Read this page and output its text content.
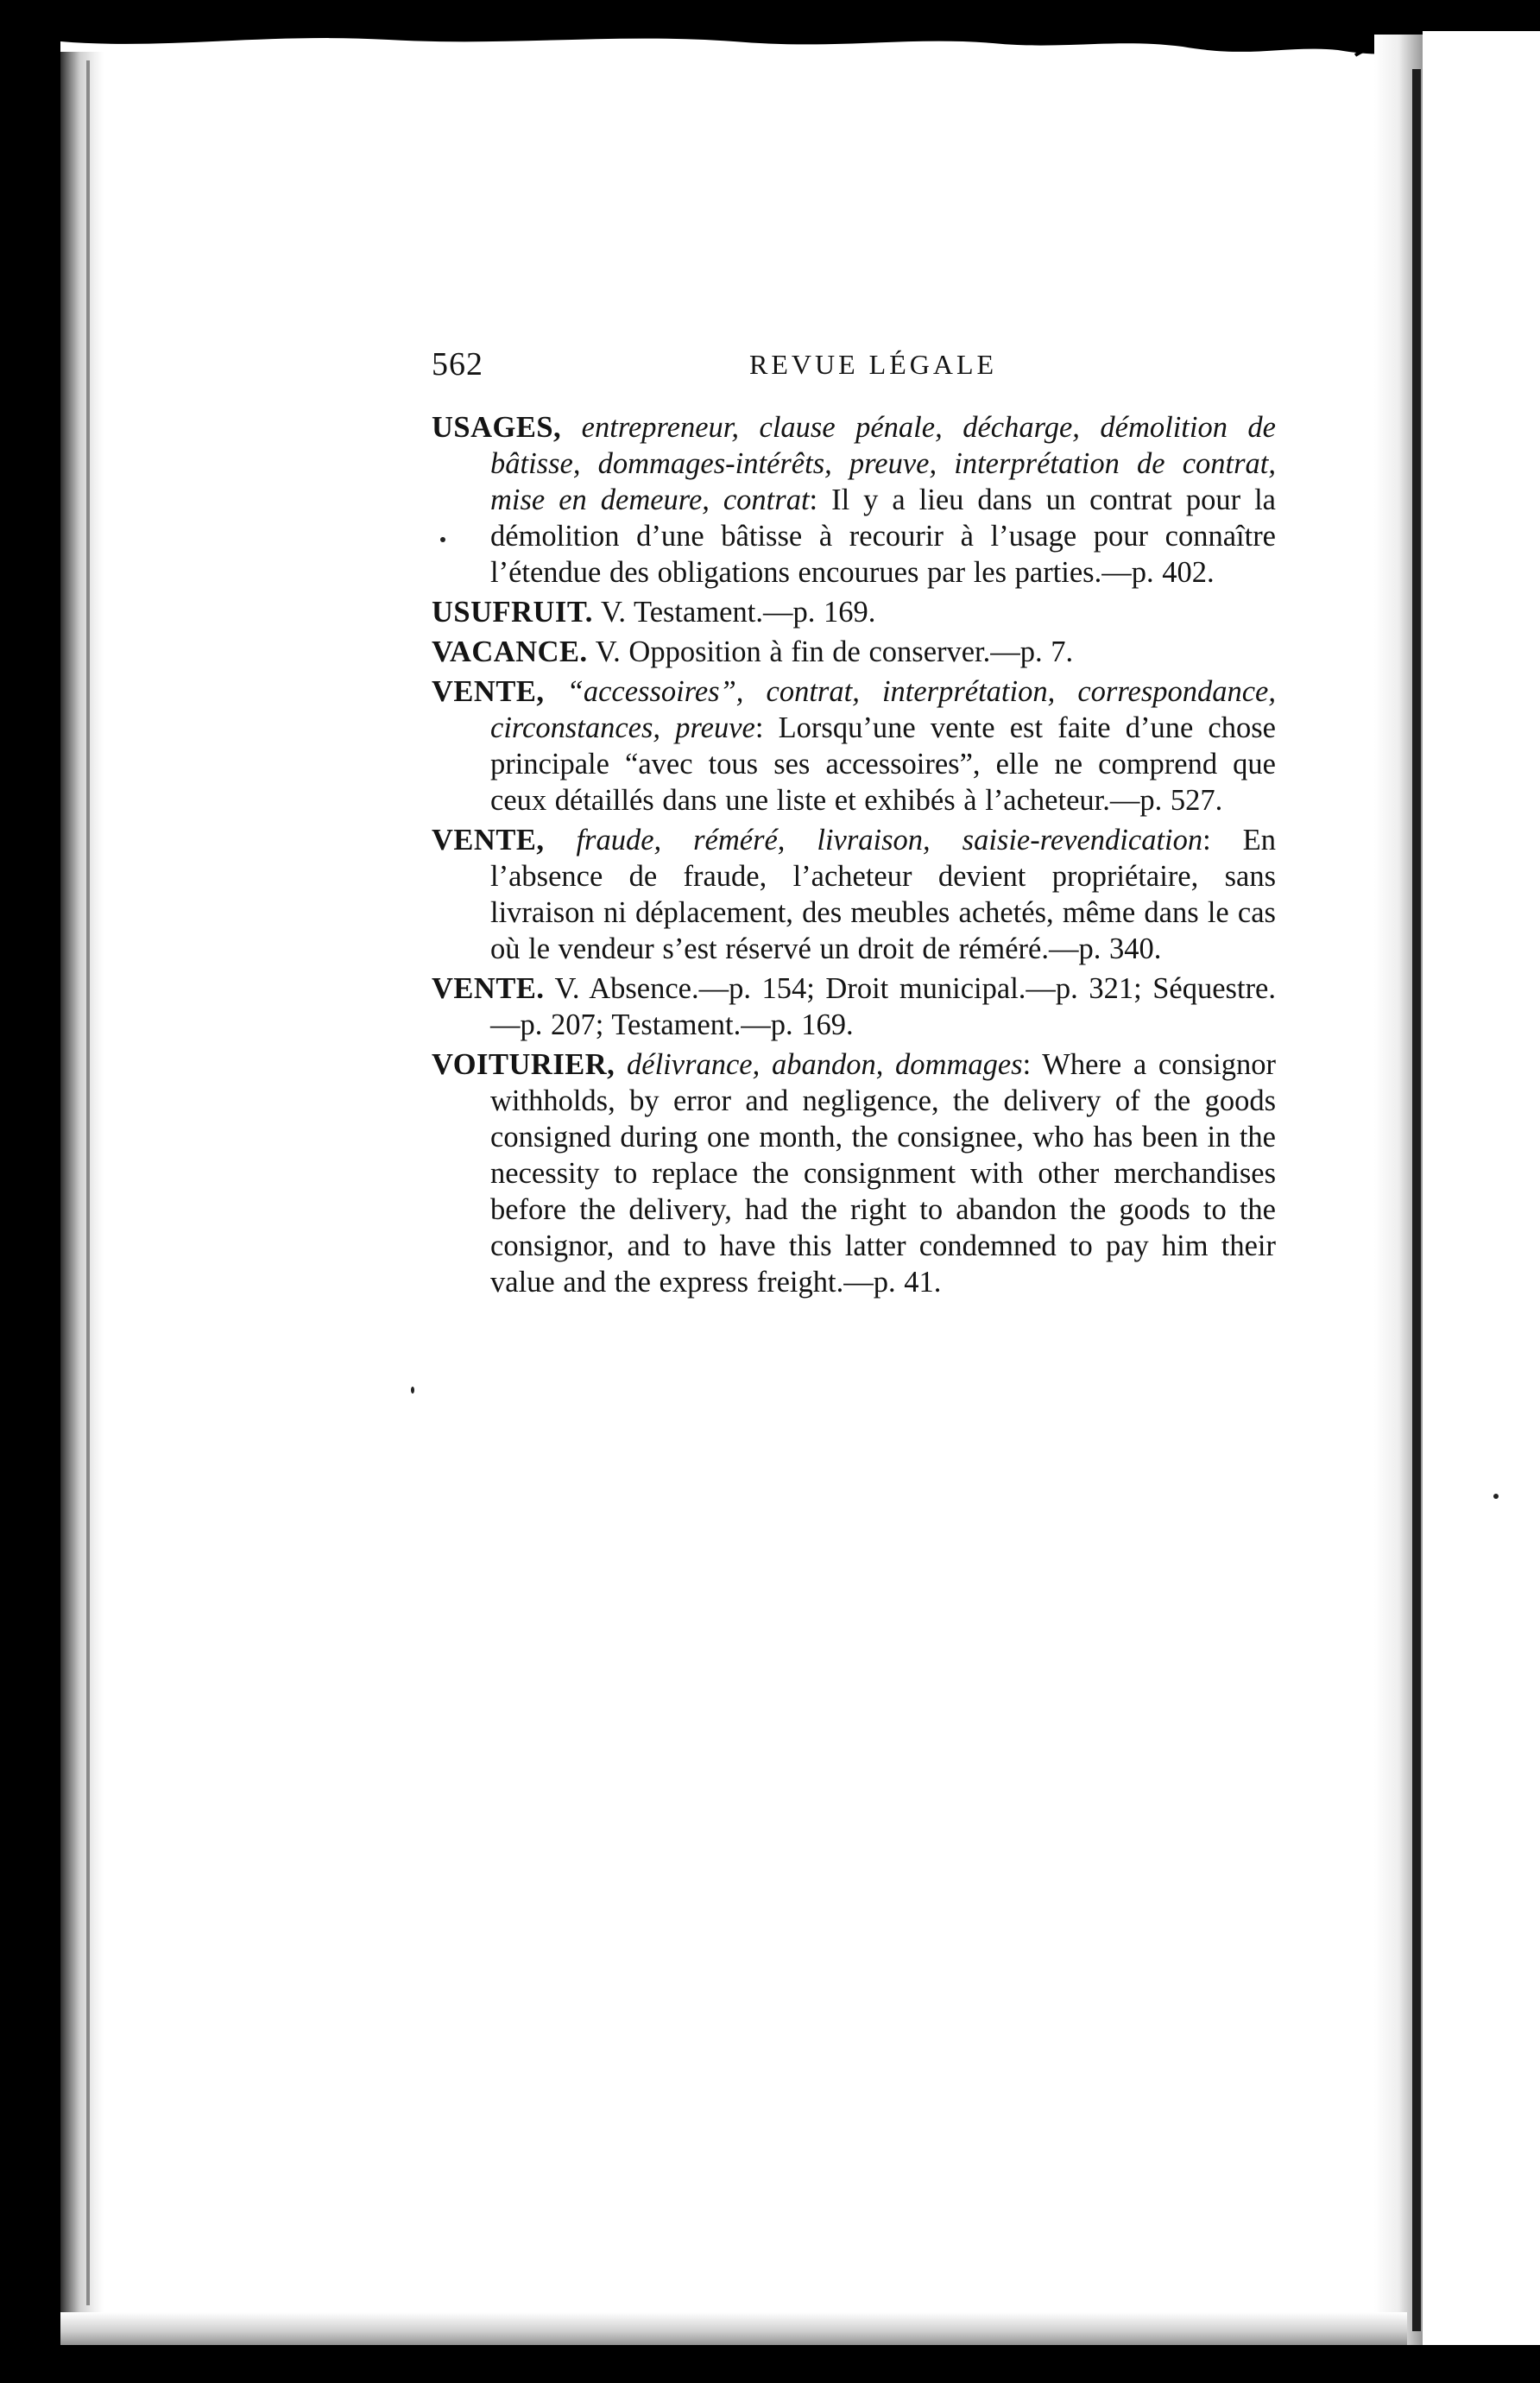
562	REVUE LÉGALE

USAGES, entrepreneur, clause pénale, décharge, démolition de bâtisse, dommages-intérêts, preuve, interprétation de contrat, mise en demeure, contrat: Il y a lieu dans un contrat pour la démolition d’une bâtisse à recourir à l’usage pour connaître l’étendue des obligations encourues par les parties.—p. 402.

USUFRUIT. V. Testament.—p. 169.

VACANCE. V. Opposition à fin de conserver.—p. 7.

VENTE, “accessoires”, contrat, interprétation, correspondance, circonstances, preuve: Lorsqu’une vente est faite d’une chose principale “avec tous ses accessoires”, elle ne comprend que ceux détaillés dans une liste et exhibés à l’acheteur.—p. 527.

VENTE, fraude, réméré, livraison, saisie-revendication: En l’absence de fraude, l’acheteur devient propriétaire, sans livraison ni déplacement, des meubles achetés, même dans le cas où le vendeur s’est réservé un droit de réméré.—p. 340.

VENTE. V. Absence.—p. 154; Droit municipal.—p. 321; Séquestre.—p. 207; Testament.—p. 169.

VOITURIER, délivrance, abandon, dommages: Where a consignor withholds, by error and negligence, the delivery of the goods consigned during one month, the consignee, who has been in the necessity to replace the consignment with other merchandises before the delivery, had the right to abandon the goods to the consignor, and to have this latter condemned to pay him their value and the express freight.—p. 41.
